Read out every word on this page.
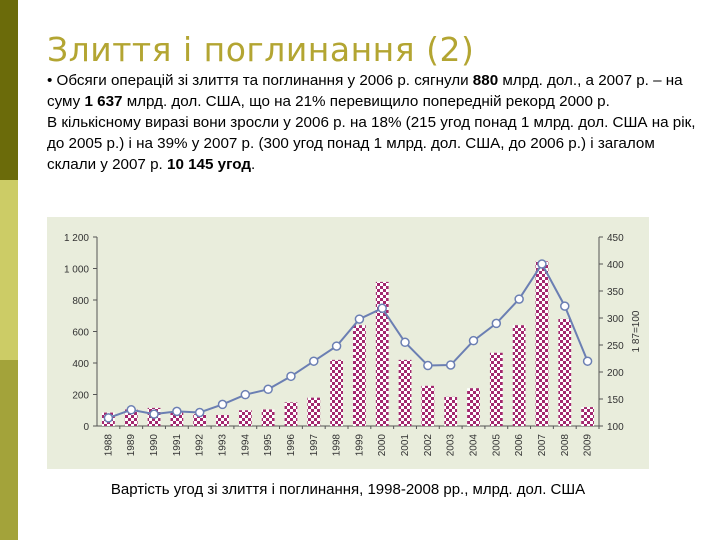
Злиття і поглинання (2)

• Обсяги операцій зі злиття та поглинання у 2006 р. сягнули 880 млрд. дол., а 2007 р. – на суму 1 637 млрд. дол. США, що на 21% перевищило попередній рекорд 2000 р.

В кількісному виразі вони зросли у 2006 р. на 18% (215 угод понад 1 млрд. дол. США на рік, до 2005 р.) і на 39% у 2007 р. (300 угод понад 1 млрд. дол. США, до 2006 р.) і загалом склали у 2007 р. 10 145 угод.

0
200
400
600
800
1 000
1 200
100
150
200
250
300
350
400
450
1 87=100
1988 1989 1990 1991 1992 1993 1994 1995 1996 1997 1998 1999 2000 2001 2002 2003 2004 2005 2006 2007 2008 2009
Вартість угод зі злиття і поглинання, 1998-2008 рр., млрд. дол. США
